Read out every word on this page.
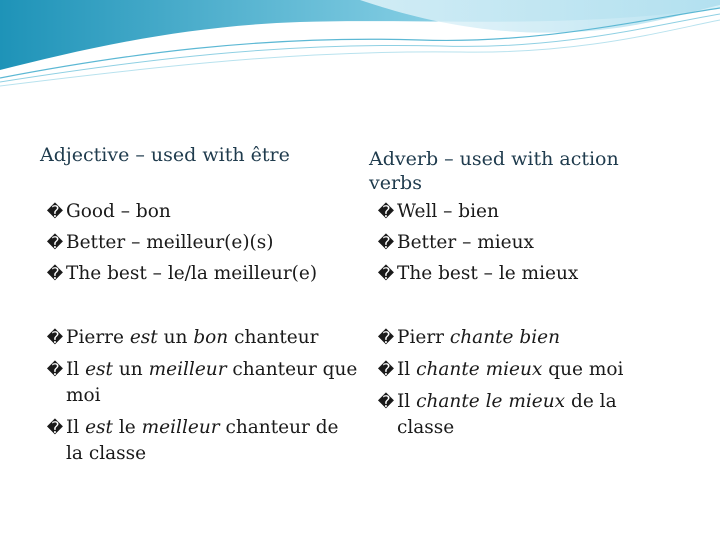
Adjective – used with être
� Good – bon
� Better – meilleur(e)(s)
� The best – le/la meilleur(e)
� Pierre est un bon chanteur
� Il est un meilleur chanteur que moi
� Il est le meilleur chanteur de la classe
Adverb – used with action verbs
� Well – bien
� Better – mieux
� The best – le mieux
� Pierr chante bien
� Il chante mieux que moi
� Il chante le mieux de la classe
